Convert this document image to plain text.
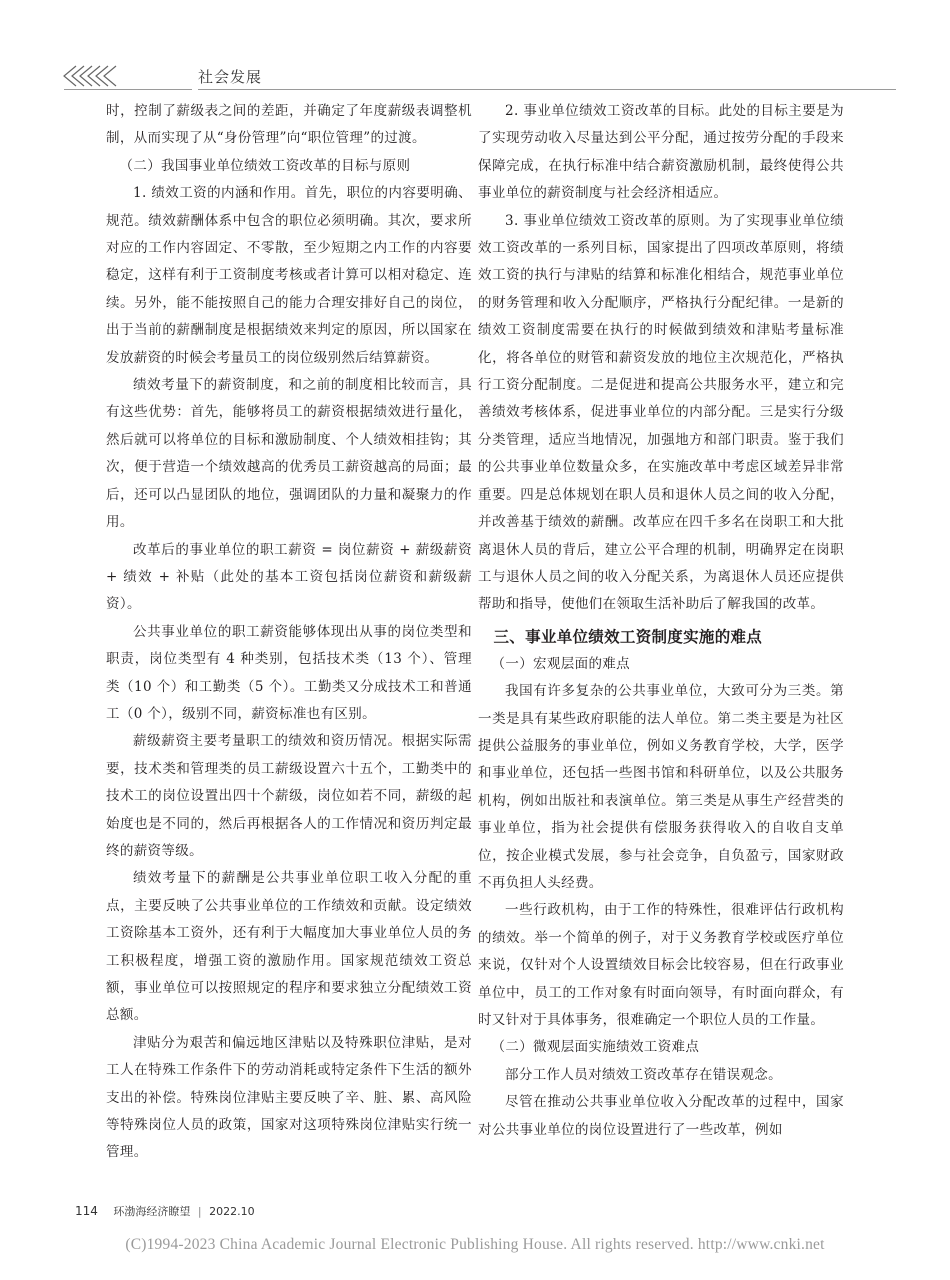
社会发展

时，控制了薪级表之间的差距，并确定了年度薪级表调整机制，从而实现了从“身份管理”向“职位管理”的过渡。

（二）我国事业单位绩效工资改革的目标与原则

1. 绩效工资的内涵和作用。首先，职位的内容要明确、规范。绩效薪酬体系中包含的职位必须明确。其次，要求所对应的工作内容固定、不零散，至少短期之内工作的内容要稳定，这样有利于工资制度考核或者计算可以相对稳定、连续。另外，能不能按照自己的能力合理安排好自己的岗位，出于当前的薪酬制度是根据绩效来判定的原因，所以国家在发放薪资的时候会考量员工的岗位级别然后结算薪资。

绩效考量下的薪资制度，和之前的制度相比较而言，具有这些优势：首先，能够将员工的薪资根据绩效进行量化，然后就可以将单位的目标和激励制度、个人绩效相挂钩；其次，便于营造一个绩效越高的优秀员工薪资越高的局面；最后，还可以凸显团队的地位，强调团队的力量和凝聚力的作用。

改革后的事业单位的职工薪资 = 岗位薪资 + 薪级薪资 + 绩效 + 补贴（此处的基本工资包括岗位薪资和薪级薪资）。

公共事业单位的职工薪资能够体现出从事的岗位类型和职责，岗位类型有 4 种类别，包括技术类（13 个）、管理类（10 个）和工勤类（5 个）。工勤类又分成技术工和普通工（0 个），级别不同，薪资标准也有区别。

薪级薪资主要考量职工的绩效和资历情况。根据实际需要，技术类和管理类的员工薪级设置六十五个，工勤类中的技术工的岗位设置出四十个薪级，岗位如若不同，薪级的起始度也是不同的，然后再根据各人的工作情况和资历判定最终的薪资等级。

绩效考量下的薪酬是公共事业单位职工收入分配的重点，主要反映了公共事业单位的工作绩效和贡献。设定绩效工资除基本工资外，还有利于大幅度加大事业单位人员的务工积极程度，增强工资的激励作用。国家规范绩效工资总额，事业单位可以按照规定的程序和要求独立分配绩效工资总额。

津贴分为艰苦和偏远地区津贴以及特殊职位津贴，是对工人在特殊工作条件下的劳动消耗或特定条件下生活的额外支出的补偿。特殊岗位津贴主要反映了辛、脏、累、高风险等特殊岗位人员的政策，国家对这项特殊岗位津贴实行统一管理。

2. 事业单位绩效工资改革的目标。此处的目标主要是为了实现劳动收入尽量达到公平分配，通过按劳分配的手段来保障完成，在执行标准中结合薪资激励机制，最终使得公共事业单位的薪资制度与社会经济相适应。

3. 事业单位绩效工资改革的原则。为了实现事业单位绩效工资改革的一系列目标，国家提出了四项改革原则，将绩效工资的执行与津贴的结算和标准化相结合，规范事业单位的财务管理和收入分配顺序，严格执行分配纪律。一是新的绩效工资制度需要在执行的时候做到绩效和津贴考量标准化，将各单位的财管和薪资发放的地位主次规范化，严格执行工资分配制度。二是促进和提高公共服务水平，建立和完善绩效考核体系，促进事业单位的内部分配。三是实行分级分类管理，适应当地情况，加强地方和部门职责。鉴于我们的公共事业单位数量众多，在实施改革中考虑区域差异非常重要。四是总体规划在职人员和退休人员之间的收入分配，并改善基于绩效的薪酬。改革应在四千多名在岗职工和大批离退休人员的背后，建立公平合理的机制，明确界定在岗职工与退休人员之间的收入分配关系，为离退休人员还应提供帮助和指导，使他们在领取生活补助后了解我国的改革。

三、事业单位绩效工资制度实施的难点

（一）宏观层面的难点

我国有许多复杂的公共事业单位，大致可分为三类。第一类是具有某些政府职能的法人单位。第二类主要是为社区提供公益服务的事业单位，例如义务教育学校，大学，医学和事业单位，还包括一些图书馆和科研单位，以及公共服务机构，例如出版社和表演单位。第三类是从事生产经营类的事业单位，指为社会提供有偿服务获得收入的自收自支单位，按企业模式发展，参与社会竞争，自负盈亏，国家财政不再负担人头经费。

一些行政机构，由于工作的特殊性，很难评估行政机构的绩效。举一个简单的例子，对于义务教育学校或医疗单位来说，仅针对个人设置绩效目标会比较容易，但在行政事业单位中，员工的工作对象有时面向领导，有时面向群众，有时又针对于具体事务，很难确定一个职位人员的工作量。

（二）微观层面实施绩效工资难点

部分工作人员对绩效工资改革存在错误观念。

尽管在推动公共事业单位收入分配改革的过程中，国家对公共事业单位的岗位设置进行了一些改革，例如

114 环渤海经济瞭望 | 2022.10
(C)1994-2023 China Academic Journal Electronic Publishing House. All rights reserved. http://www.cnki.net
